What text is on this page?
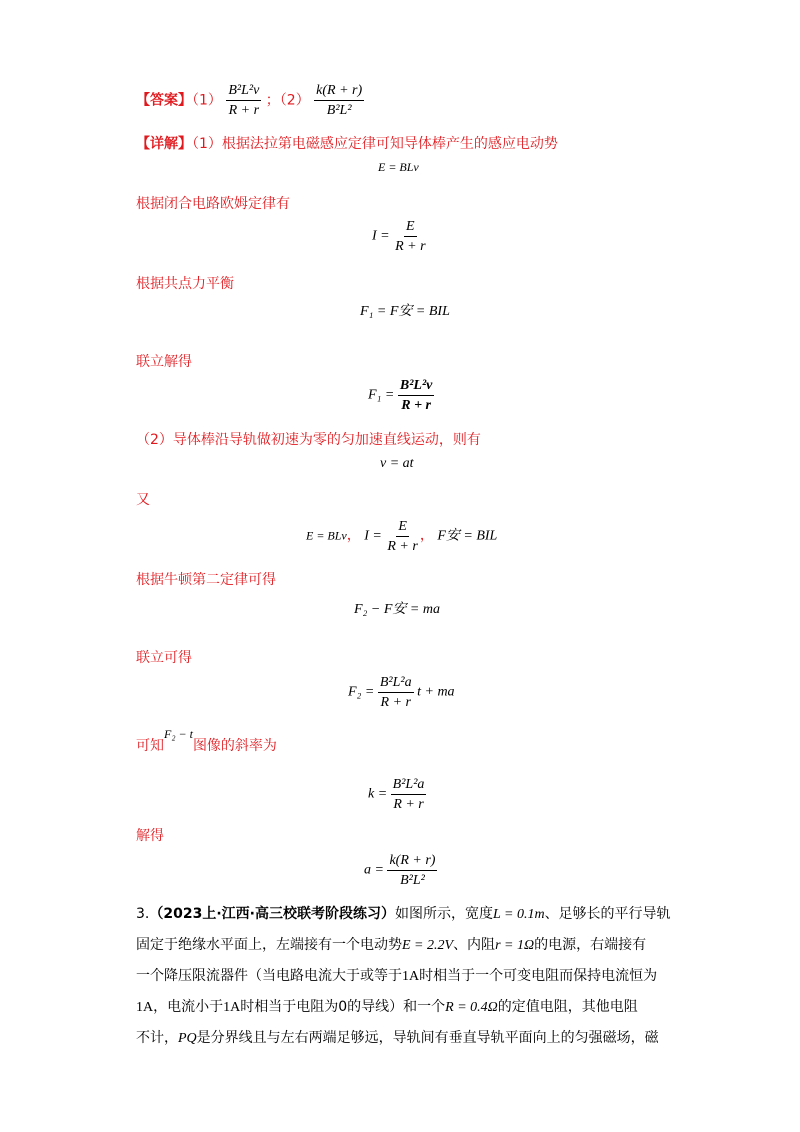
【答案】$(1) \frac{\text{B²L²v}}{R + r}$ ；$(2) \frac{k(R + r)}{\text{B²L²}}$
【详解】（1）根据法拉第电磁感应定律可知导体棒产生的感应电动势
E = BLv
根据闭合电路欧姆定律有
$I = \frac{E}{R + r}$
根据共点力平衡
F₁ = F安 = BIL
联立解得
$F_1 = \frac{\text{B²L²v}}{R + r}$
（2）导体棒沿导轨做初速为零的匀加速直线运动，则有
v = at
又
E = BLv， $I = \frac{E}{R + r}$ ， F安 = BIL
根据牛顿第二定律可得
F₂ − F安 = ma
联立可得
$F_2 = \frac{\text{B²L²a}}{R + r}$ t + ma
可知F₂ − t图像的斜率为
$k = \frac{\text{B²L²a}}{R + r}$
解得
$a = \frac{k(R + r)}{\text{B²L²}}$
3.（2023上·江西·高三校联考阶段练习）如图所示，宽度L = 0.1m、足够长的平行导轨
固定于绝缘水平面上，左端接有一个电动势E = 2.2V、内阻r = 1Ω的电源，右端接有
一个降压限流器件（当电路电流大于或等于1A时相当于一个可变电阻而保持电流恒为
1A，电流小于1A时相当于电阻为0的导线）和一个R = 0.4Ω的定值电阻，其他电阻
不计，PQ是分界线且与左右两端足够远，导轨间有垂直导轨平面向上的匀强磁场，磁
